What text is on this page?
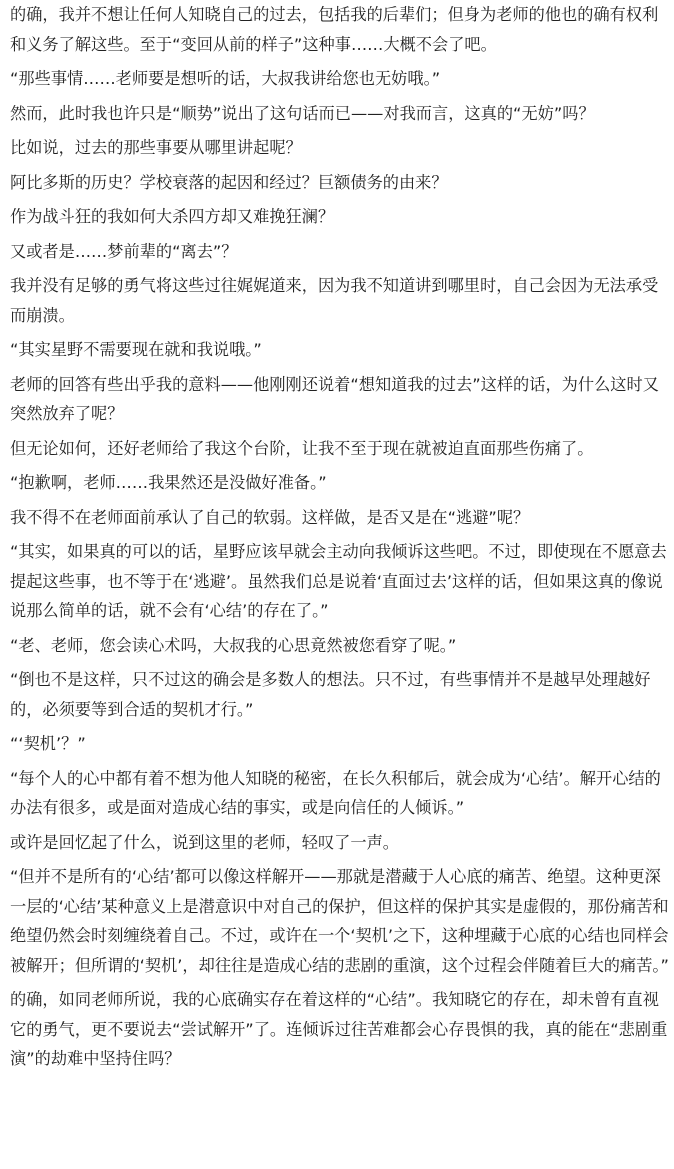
的确，我并不想让任何人知晓自己的过去，包括我的后辈们；但身为老师的他也的确有权利和义务了解这些。至于“变回从前的样子”这种事……大概不会了吧。

“那些事情……老师要是想听的话，大叔我讲给您也无妨哦。”

然而，此时我也许只是“顺势”说出了这句话而已——对我而言，这真的“无妨”吗？

比如说，过去的那些事要从哪里讲起呢？

阿比多斯的历史？学校衰落的起因和经过？巨额债务的由来？

作为战斗狂的我如何大杀四方却又难挽狂澜？

又或者是……梦前辈的“离去”？

我并没有足够的勇气将这些过往娓娓道来，因为我不知道讲到哪里时，自己会因为无法承受而崩溃。

“其实星野不需要现在就和我说哦。”

老师的回答有些出乎我的意料——他刚刚还说着“想知道我的过去”这样的话，为什么这时又突然放弃了呢？

但无论如何，还好老师给了我这个台阶，让我不至于现在就被迫直面那些伤痛了。

“抱歉啊，老师……我果然还是没做好准备。”

我不得不在老师面前承认了自己的软弱。这样做，是否又是在“逃避”呢？

“其实，如果真的可以的话，星野应该早就会主动向我倾诉这些吧。不过，即使现在不愿意去提起这些事，也不等于在‘逃避’。虽然我们总是说着‘直面过去’这样的话，但如果这真的像说说那么简单的话，就不会有‘心结’的存在了。”

“老、老师，您会读心术吗，大叔我的心思竟然被您看穿了呢。”

“倒也不是这样，只不过这的确会是多数人的想法。只不过，有些事情并不是越早处理越好的，必须要等到合适的契机才行。”

“‘契机’？”

“每个人的心中都有着不想为他人知晓的秘密，在长久积郁后，就会成为‘心结’。解开心结的办法有很多，或是面对造成心结的事实，或是向信任的人倾诉。”

或许是回忆起了什么，说到这里的老师，轻叹了一声。

“但并不是所有的‘心结’都可以像这样解开——那就是潜藏于人心底的痛苦、绝望。这种更深一层的‘心结’某种意义上是潜意识中对自己的保护，但这样的保护其实是虚假的，那份痛苦和绝望仍然会时刻缠绕着自己。不过，或许在一个‘契机’之下，这种埋藏于心底的心结也同样会被解开；但所谓的‘契机’，却往往是造成心结的悲剧的重演，这个过程会伴随着巨大的痛苦。”

的确，如同老师所说，我的心底确实存在着这样的“心结”。我知晓它的存在，却未曾有直视它的勇气，更不要说去“尝试解开”了。连倾诉过往苦难都会心存畏惧的我，真的能在“悲剧重演”的劫难中坚持住吗？
